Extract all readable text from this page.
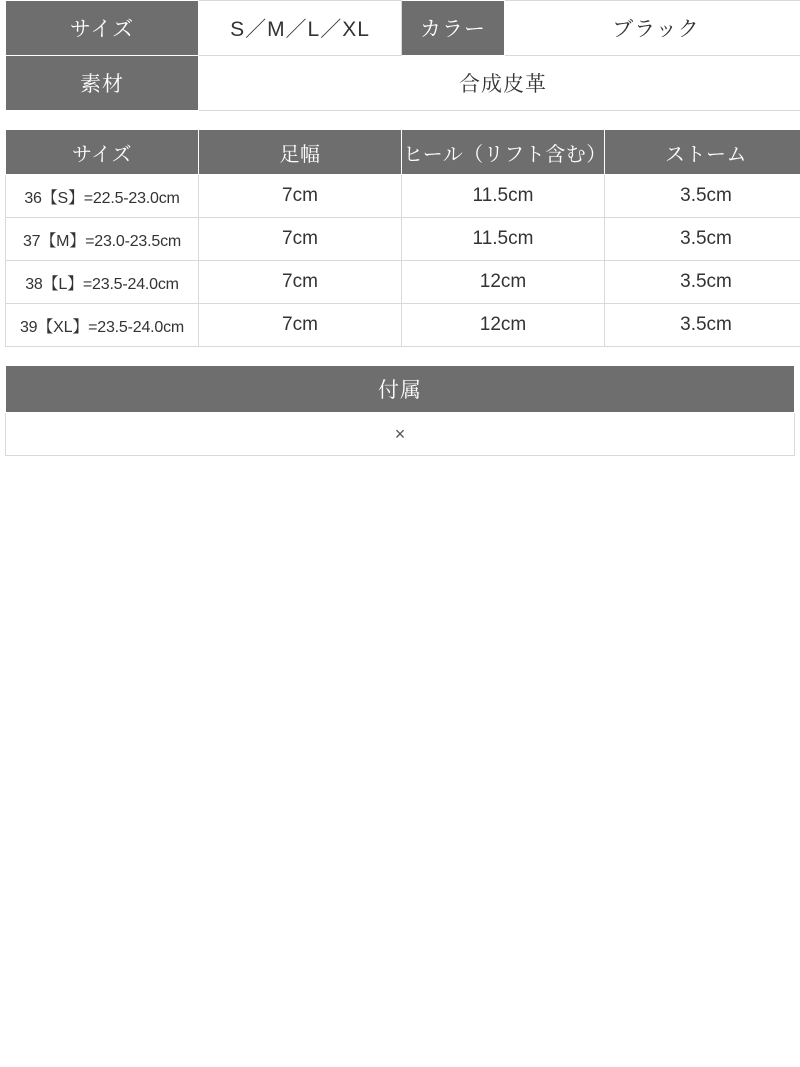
サイズ	S／M／L／XL	カラー	ブラック
素材	合成皮革		
サイズ	足幅	ヒール（リフト含む）	ストーム
36【S】=22.5-23.0cm	7cm	11.5cm	3.5cm
37【M】=23.0-23.5cm	7cm	11.5cm	3.5cm
38【L】=23.5-24.0cm	7cm	12cm	3.5cm
39【XL】=23.5-24.0cm	7cm	12cm	3.5cm
付属
×
